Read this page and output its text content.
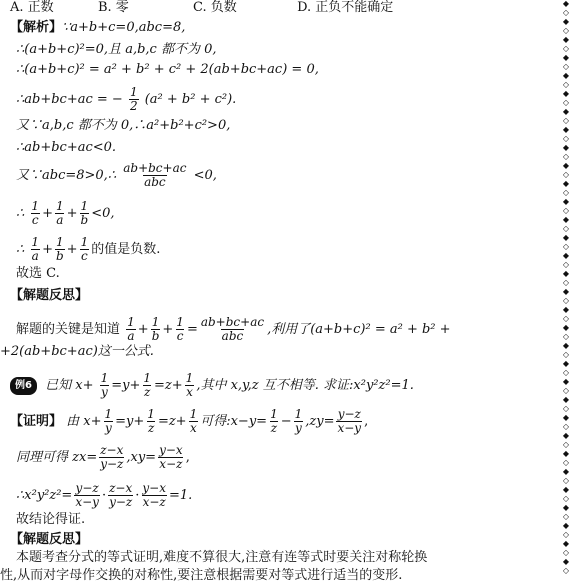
A. 正数	B. 零	C. 负数	D. 正负不能确定
【解析】∵a+b+c=0,abc=8,
∴(a+b+c)²=0,且 a,b,c 都不为 0,
∴(a+b+c)² = a² + b² + c² + 2(ab+bc+ac) = 0,
∴ab+bc+ac = − $\frac{1}{2} (a^2 + b^2 + c^2)$.
又∵a,b,c 都不为 0,∴a²+b²+c²>0,
∴ab+bc+ac<0.
又∵abc=8>0,∴ $\frac{ab+bc+ac}{\text{abc}} <0$,
∴ $\frac{1}{c} + \frac{1}{a} + \frac{1}{b} <0$,
∴ $\frac{1}{a} + \frac{1}{b} + \frac{1}{c}$ 的值是负数.
故选 C.
【解题反思】
解题的关键是知道 $\frac{1}{a} + \frac{1}{b} + \frac{1}{c} = \frac{ab+bc+ac}{\text{abc}}$ ,利用了(a+b+c)² = a² + b² +
+2(ab+bc+ac)这一公式.
例6 已知 $x+ \frac{1}{y} =y+ \frac{1}{z} =z+ \frac{1}{x}$ ,其中 x,y,z 互不相等. 求证:x²y²z²=1.
【证明】 由 $x+ \frac{1}{y} =y+ \frac{1}{z} =z+ \frac{1}{x}$ 可得:x−y= $\frac{1}{z} - \frac{1}{y} ,zy= \frac{y-z}{x-y}$ ,
同理可得 $zx= \frac{z-x}{y-z} ,xy= \frac{y-x}{x-z}$ ,
∴x²y²z²= $\frac{y-z}{x-y} \cdot \frac{z-x}{y-z} \cdot \frac{y-x}{x-z} =1$.
故结论得证.
【解题反思】
本题考查分式的等式证明,难度不算很大,注意有连等式时要关注对称轮换
性,从而对字母作交换的对称性,要注意根据需要对等式进行适当的变形.
◆
◇
◆
◇
◆
◇
◆
◇
◆
◇
◆
◇
◆
◇
◆
◇
◆
◇
◆
◇
◆
◇
◆
◇
◆
◇
◆
◇
◆
◇
◆
◇
◆
◇
◆
◇
◆
◇
◆
◇
◆
◇
◆
◇
◆
◇
◆
◇
◆
◇
◆
◇
◆
◇
◆
◇
◆
◇
◆
◇
◆
◇
◆
◇
